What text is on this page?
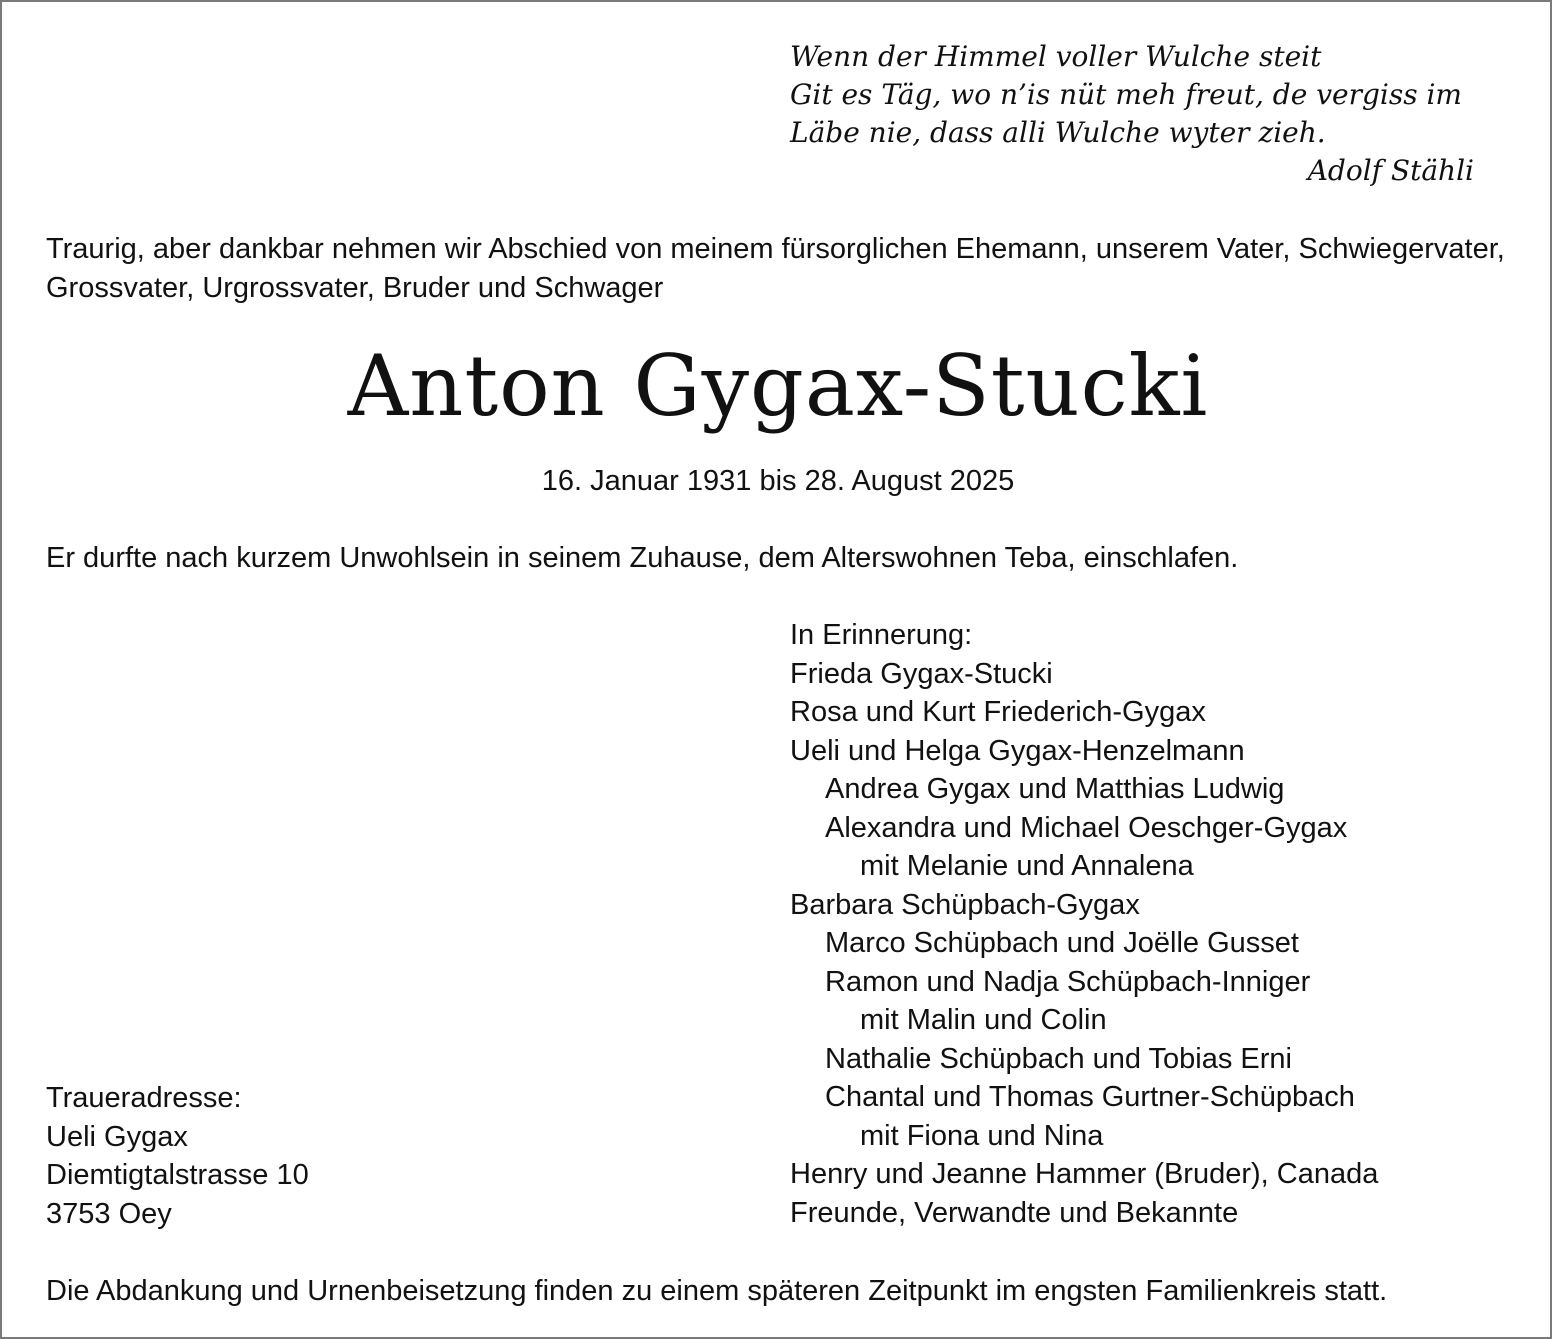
Wenn der Himmel voller Wulche steit
Git es Täg, wo n’is nüt meh freut, de vergiss im
Läbe nie, dass alli Wulche wyter zieh.
Adolf Stähli
Traurig, aber dankbar nehmen wir Abschied von meinem fürsorglichen Ehemann, unserem Vater, Schwiegervater,
Grossvater, Urgrossvater, Bruder und Schwager
Anton Gygax-Stucki
16. Januar 1931 bis 28. August 2025
Er durfte nach kurzem Unwohlsein in seinem Zuhause, dem Alterswohnen Teba, einschlafen.
In Erinnerung:
Frieda Gygax-Stucki
Rosa und Kurt Friederich-Gygax
Ueli und Helga Gygax-Henzelmann
Andrea Gygax und Matthias Ludwig
Alexandra und Michael Oeschger-Gygax
mit Melanie und Annalena
Barbara Schüpbach-Gygax
Marco Schüpbach und Joëlle Gusset
Ramon und Nadja Schüpbach-Inniger
mit Malin und Colin
Nathalie Schüpbach und Tobias Erni
Chantal und Thomas Gurtner-Schüpbach
mit Fiona und Nina
Henry und Jeanne Hammer (Bruder), Canada
Freunde, Verwandte und Bekannte
Traueradresse:
Ueli Gygax
Diemtigtalstrasse 10
3753 Oey
Die Abdankung und Urnenbeisetzung finden zu einem späteren Zeitpunkt im engsten Familienkreis statt.
